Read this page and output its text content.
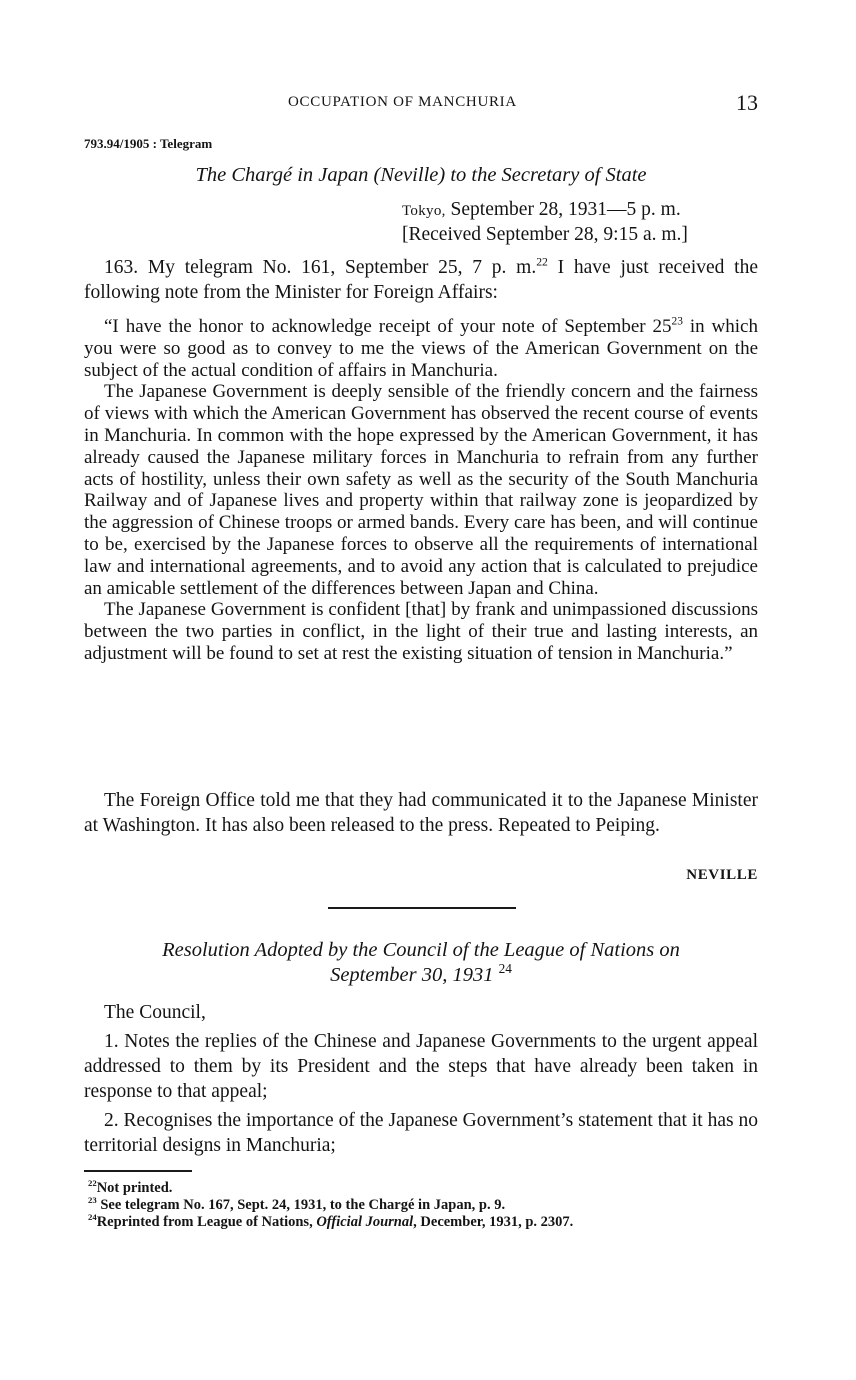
OCCUPATION OF MANCHURIA	13
793.94/1905 : Telegram
The Chargé in Japan (Neville) to the Secretary of State
Tokyo, September 28, 1931—5 p. m.
[Received September 28, 9:15 a. m.]
163. My telegram No. 161, September 25, 7 p. m.$^{22}$ I have just received the following note from the Minister for Foreign Affairs:

“I have the honor to acknowledge receipt of your note of September $25^{23}$ in which you were so good as to convey to me the views of the American Government on the subject of the actual condition of affairs in Manchuria.

The Japanese Government is deeply sensible of the friendly concern and the fairness of views with which the American Government has observed the recent course of events in Manchuria. In common with the hope expressed by the American Government, it has already caused the Japanese military forces in Manchuria to refrain from any further acts of hostility, unless their own safety as well as the security of the South Manchuria Railway and of Japanese lives and property within that railway zone is jeopardized by the aggression of Chinese troops or armed bands. Every care has been, and will continue to be, exercised by the Japanese forces to observe all the requirements of international law and international agreements, and to avoid any action that is calculated to prejudice an amicable settlement of the differences between Japan and China.

The Japanese Government is confident [that] by frank and unimpassioned discussions between the two parties in conflict, in the light of their true and lasting interests, an adjustment will be found to set at rest the existing situation of tension in Manchuria.”

The Foreign Office told me that they had communicated it to the Japanese Minister at Washington. It has also been released to the press. Repeated to Peiping.
NEVILLE
Resolution Adopted by the Council of the League of Nations on
September 30, 1931 $^{24}$

The Council,

1. Notes the replies of the Chinese and Japanese Governments to the urgent appeal addressed to them by its President and the steps that have already been taken in response to that appeal;

2. Recognises the importance of the Japanese Government’s statement that it has no territorial designs in Manchuria;

$^{22}$Not printed.
$^{23}$ See telegram No. 167, Sept. 24, 1931, to the Chargé in Japan, p. 9.
$^{24}$Reprinted from League of Nations, Official Journal, December, 1931, p. 2307.
